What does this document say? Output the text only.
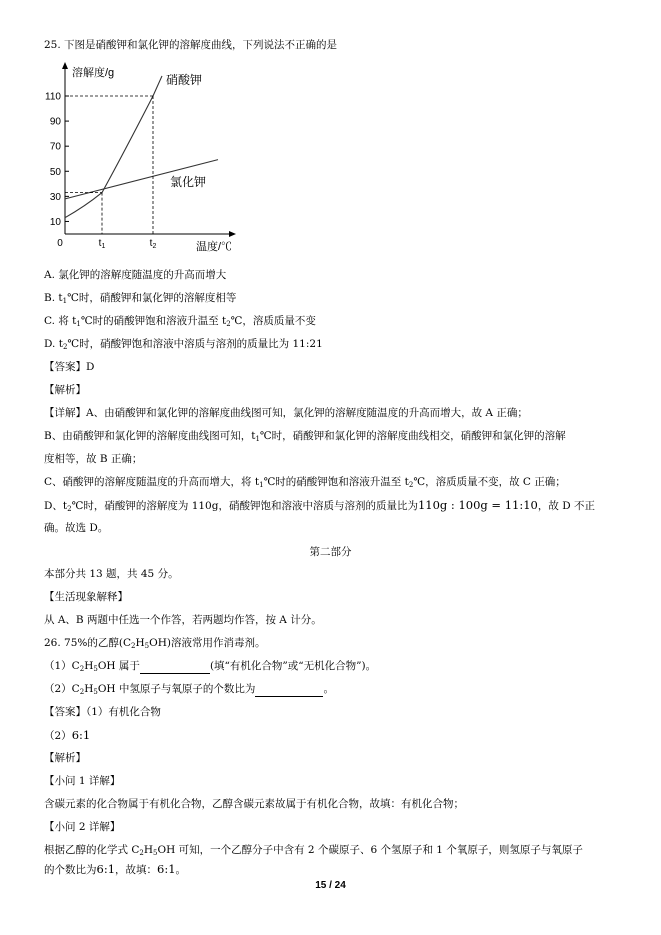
25. 下图是硝酸钾和氯化钾的溶解度曲线，下列说法不正确的是
溶解度/g
温度/℃
0
10
30
50
70
90
110
$t_1$	$t_2$
硝酸钾
氯化钾
A. 氯化钾的溶解度随温度的升高而增大
B. $t_1℃$时，硝酸钾和氯化钾的溶解度相等
C. 将 $t_1℃$时的硝酸钾饱和溶液升温至 $t_2℃$，溶质质量不变
D. $t_2℃$时，硝酸钾饱和溶液中溶质与溶剂的质量比为 11:21
【答案】D
【解析】
【详解】A、由硝酸钾和氯化钾的溶解度曲线图可知，氯化钾的溶解度随温度的升高而增大，故 A 正确；
B、由硝酸钾和氯化钾的溶解度曲线图可知，$t_1℃$时，硝酸钾和氯化钾的溶解度曲线相交，硝酸钾和氯化钾的溶解
度相等，故 B 正确；
C、硝酸钾的溶解度随温度的升高而增大，将 $t_1℃$时的硝酸钾饱和溶液升温至 $t_2℃$，溶质质量不变，故 C 正确；
D、$t_2℃$时，硝酸钾的溶解度为 110g，硝酸钾饱和溶液中溶质与溶剂的质量比为110g : 100g = 11:10，故 D 不正
确。故选 D。
第二部分
本部分共 13 题，共 45 分。
【生活现象解释】
从 A、B 两题中任选一个作答，若两题均作答，按 A 计分。
26. 75%的乙醇$(C_2H_5OH)$溶液常用作消毒剂。
$(1)C_2H_5OH$ 属于	(填“有机化合物”或“无机化合物”)。
$(2)C_2H_5OH$ 中氢原子与氧原子的个数比为	。
【答案】（1）有机化合物
（2）6:1
【解析】
【小问 1 详解】
含碳元素的化合物属于有机化合物，乙醇含碳元素故属于有机化合物，故填：有机化合物；
【小问 2 详解】
根据乙醇的化学式 $C_2H_5OH$ 可知，一个乙醇分子中含有 2 个碳原子、6 个氢原子和 1 个氧原子，则氢原子与氧原子
的个数比为6:1，故填：6:1。
15 / 24
